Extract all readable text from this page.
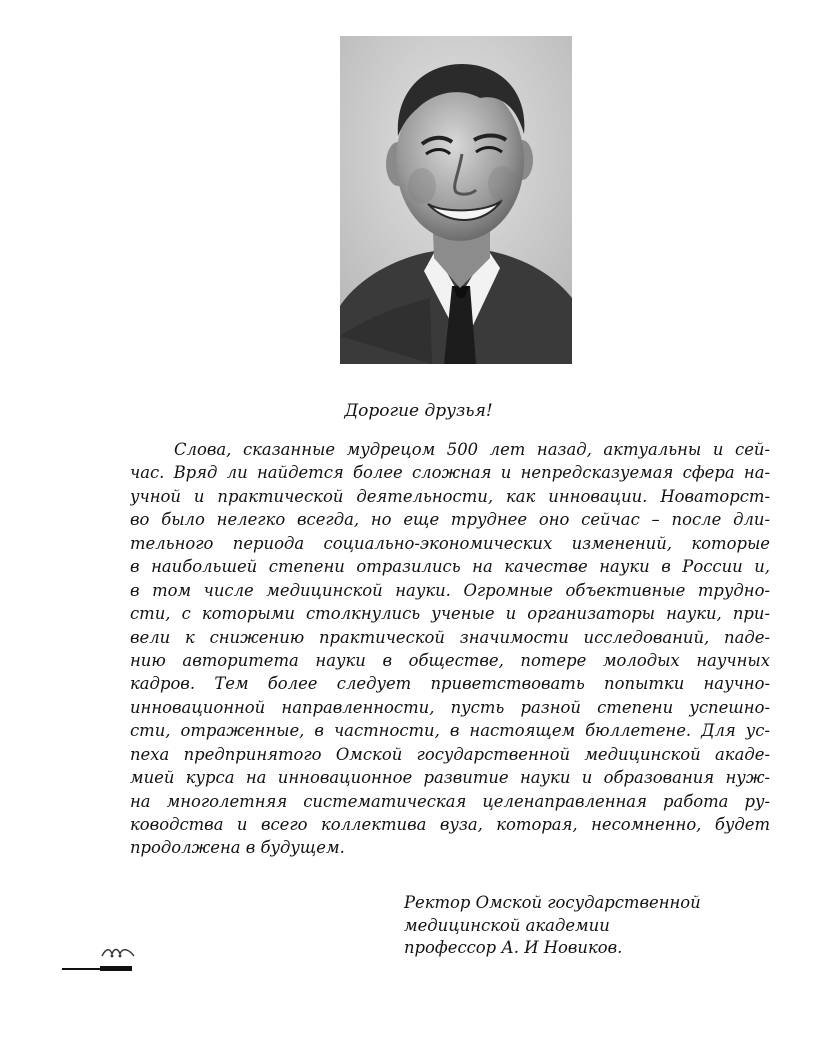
Дорогие друзья!
Слова, сказанные мудрецом 500 лет назад, актуальны и сей-
час. Вряд ли найдется более сложная и непредсказуемая сфера на-
учной и практической деятельности, как инновации. Новаторст-
во было нелегко всегда, но еще труднее оно сейчас – после дли-
тельного периода социально-экономических изменений, которые
в наибольшей степени отразились на качестве науки в России и,
в том числе медицинской науки. Огромные объективные трудно-
сти, с которыми столкнулись ученые и организаторы науки, при-
вели к снижению практической значимости исследований, паде-
нию авторитета науки в обществе, потере молодых научных
кадров. Тем более следует приветствовать попытки научно-
инновационной направленности, пусть разной степени успешно-
сти, отраженные, в частности, в настоящем бюллетене. Для ус-
пеха предпринятого Омской государственной медицинской акаде-
мией курса на инновационное развитие науки и образования нуж-
на многолетняя систематическая целенаправленная работа ру-
ководства и всего коллектива вуза, которая, несомненно, будет
продолжена в будущем.
Ректор Омской государственной
медицинской академии
профессор А. И Новиков.
